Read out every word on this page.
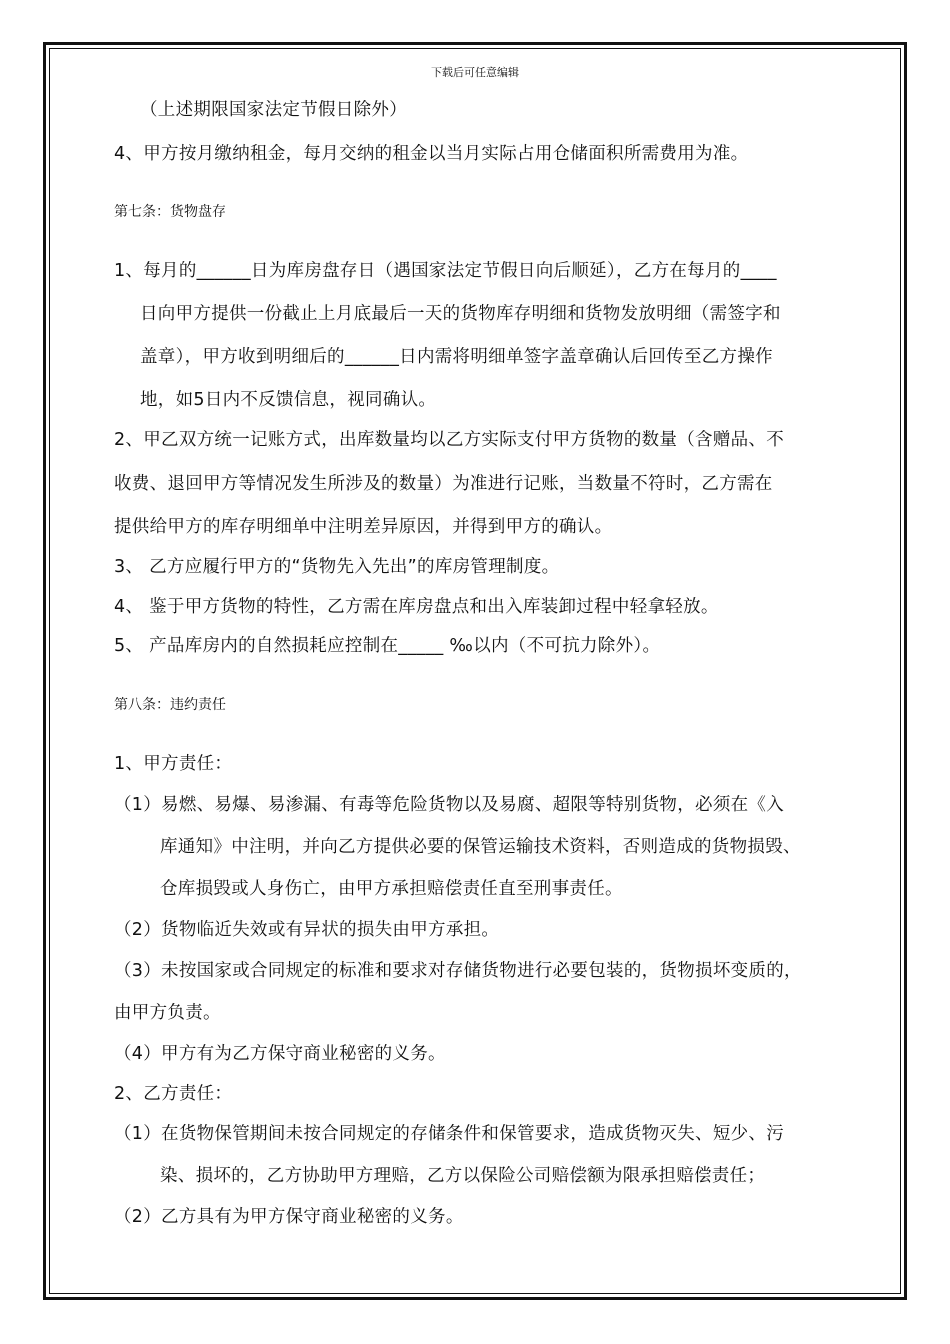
下载后可任意编辑
（上述期限国家法定节假日除外）
4、甲方按月缴纳租金，每月交纳的租金以当月实际占用仓储面积所需费用为准。
第七条：货物盘存
1、每月的______日为库房盘存日（遇国家法定节假日向后顺延），乙方在每月的____
日向甲方提供一份截止上月底最后一天的货物库存明细和货物发放明细（需签字和
盖章），甲方收到明细后的______日内需将明细单签字盖章确认后回传至乙方操作
地，如5日内不反馈信息，视同确认。
2、甲乙双方统一记账方式，出库数量均以乙方实际支付甲方货物的数量（含赠品、不
收费、退回甲方等情况发生所涉及的数量）为准进行记账，当数量不符时，乙方需在
提供给甲方的库存明细单中注明差异原因，并得到甲方的确认。
3、 乙方应履行甲方的“货物先入先出”的库房管理制度。
4、 鉴于甲方货物的特性，乙方需在库房盘点和出入库装卸过程中轻拿轻放。
5、 产品库房内的自然损耗应控制在_____ ‰以内（不可抗力除外）。
第八条：违约责任
1、甲方责任：
（1）易燃、易爆、易渗漏、有毒等危险货物以及易腐、超限等特别货物，必须在《入
库通知》中注明，并向乙方提供必要的保管运输技术资料，否则造成的货物损毁、
仓库损毁或人身伤亡，由甲方承担赔偿责任直至刑事责任。
（2）货物临近失效或有异状的损失由甲方承担。
（3）未按国家或合同规定的标准和要求对存储货物进行必要包装的，货物损坏变质的，
由甲方负责。
（4）甲方有为乙方保守商业秘密的义务。
2、乙方责任：
（1）在货物保管期间未按合同规定的存储条件和保管要求，造成货物灭失、短少、污
染、损坏的，乙方协助甲方理赔，乙方以保险公司赔偿额为限承担赔偿责任；
（2）乙方具有为甲方保守商业秘密的义务。
